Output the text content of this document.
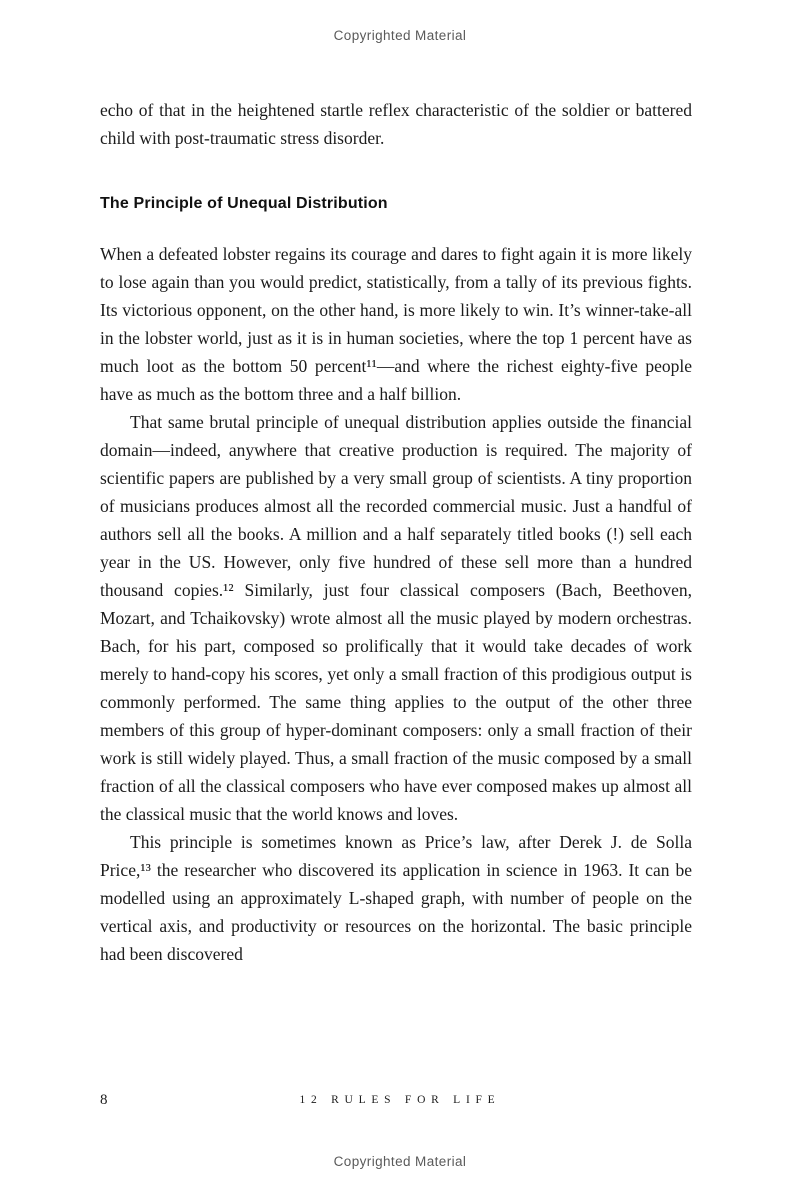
Copyrighted Material

echo of that in the heightened startle reflex characteristic of the soldier or battered child with post-traumatic stress disorder.

The Principle of Unequal Distribution

When a defeated lobster regains its courage and dares to fight again it is more likely to lose again than you would predict, statistically, from a tally of its previous fights. Its victorious opponent, on the other hand, is more likely to win. It’s winner-take-all in the lobster world, just as it is in human societies, where the top 1 percent have as much loot as the bottom 50 percent¹¹—and where the richest eighty-five people have as much as the bottom three and a half billion.

That same brutal principle of unequal distribution applies outside the financial domain—indeed, anywhere that creative production is required. The majority of scientific papers are published by a very small group of scientists. A tiny proportion of musicians produces almost all the recorded commercial music. Just a handful of authors sell all the books. A million and a half separately titled books (!) sell each year in the US. However, only five hundred of these sell more than a hundred thousand copies.¹² Similarly, just four classical composers (Bach, Beethoven, Mozart, and Tchaikovsky) wrote almost all the music played by modern orchestras. Bach, for his part, composed so prolifically that it would take decades of work merely to hand-copy his scores, yet only a small fraction of this prodigious output is commonly performed. The same thing applies to the output of the other three members of this group of hyper-dominant composers: only a small fraction of their work is still widely played. Thus, a small fraction of the music composed by a small fraction of all the classical composers who have ever composed makes up almost all the classical music that the world knows and loves.

This principle is sometimes known as Price’s law, after Derek J. de Solla Price,¹³ the researcher who discovered its application in science in 1963. It can be modelled using an approximately L-shaped graph, with number of people on the vertical axis, and productivity or resources on the horizontal. The basic principle had been discovered

8	12 RULES FOR LIFE
Copyrighted Material
